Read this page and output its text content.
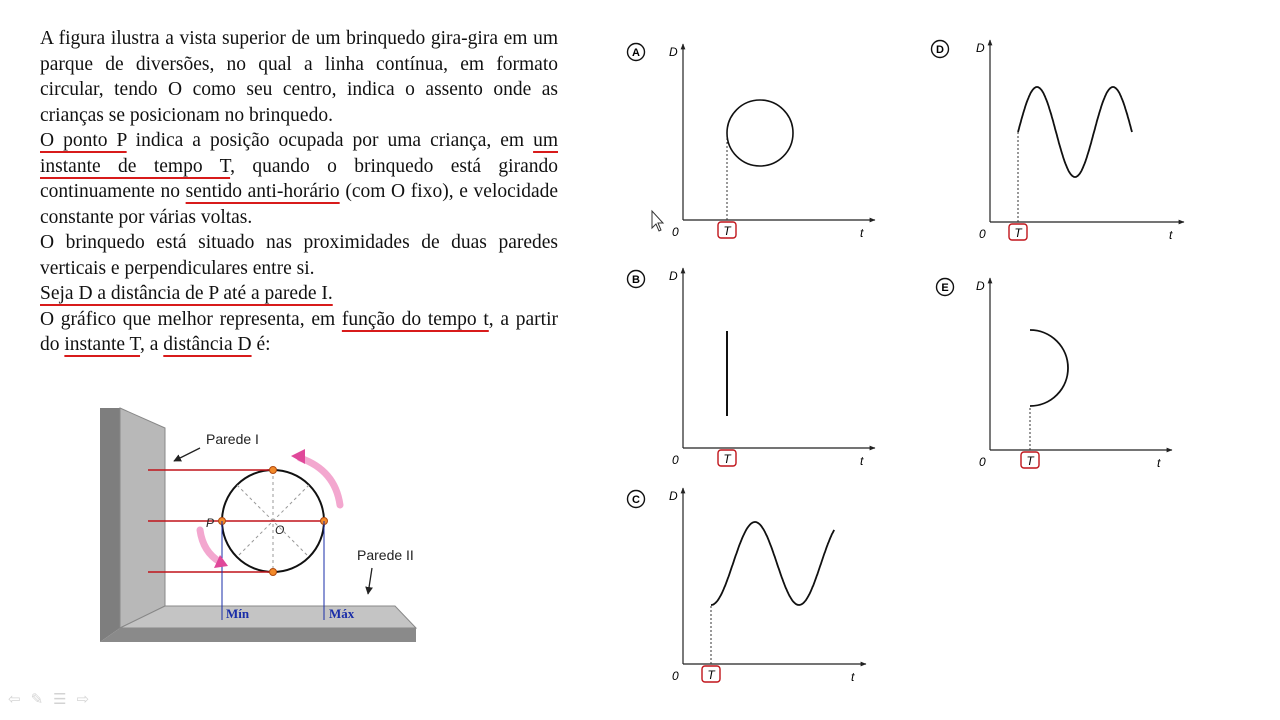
A figura ilustra a vista superior de um brinquedo gira-gira em um parque de diversões, no qual a linha contínua, em formato circular, tendo O como seu centro, indica o assento onde as crianças se posicionam no brinquedo.

O ponto P indica a posição ocupada por uma criança, em um instante de tempo T, quando o brinquedo está girando continuamente no sentido anti-horário (com O fixo), e velocidade constante por várias voltas.

O brinquedo está situado nas proximidades de duas paredes verticais e perpendiculares entre si.

Seja D a distância de P até a parede I.

O gráfico que melhor representa, em função do tempo t, a partir do instante T, a distância D é:

Parede I
Parede II
P	O
Mín	Máx
A D
t
0	T
B D
t
0	T
C D
t
0 T
D	D
t
0 T
E D
t
0	T
⇦ ✎ ☰ ⇨
